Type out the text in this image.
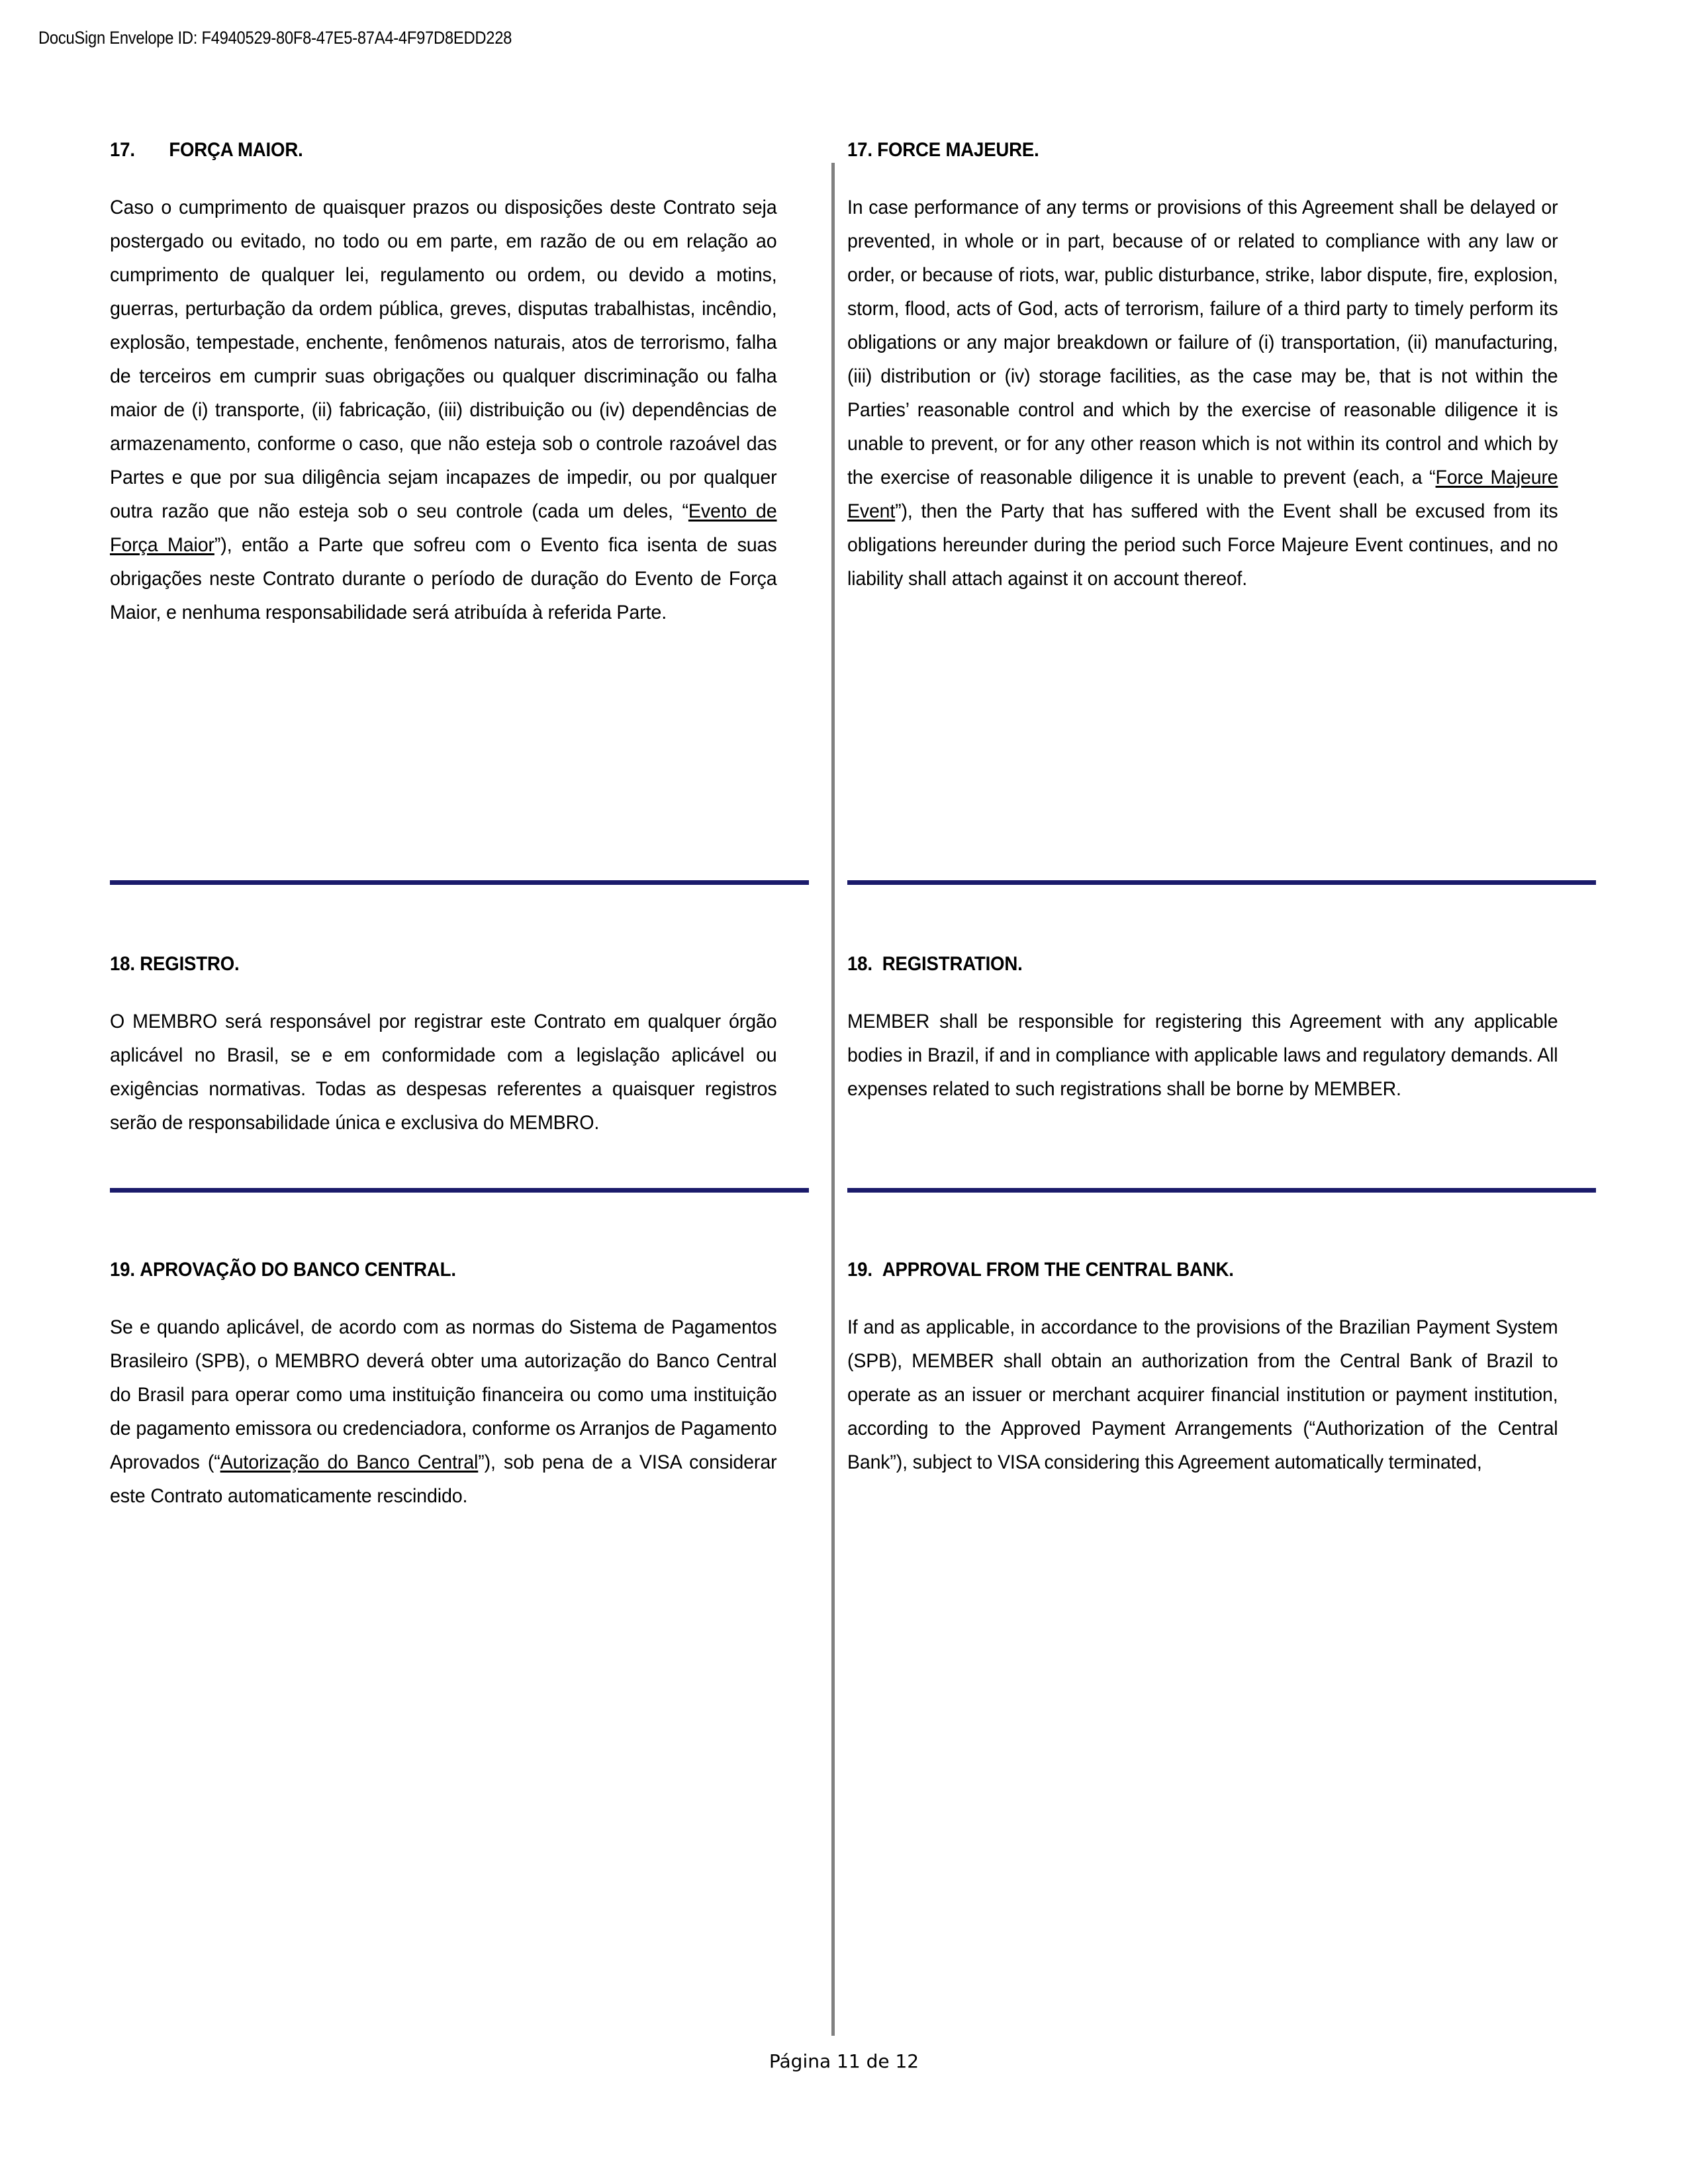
DocuSign Envelope ID: F4940529-80F8-47E5-87A4-4F97D8EDD228
17. FORÇA MAIOR.

Caso o cumprimento de quaisquer prazos ou disposições deste Contrato seja postergado ou evitado, no todo ou em parte, em razão de ou em relação ao cumprimento de qualquer lei, regulamento ou ordem, ou devido a motins, guerras, perturbação da ordem pública, greves, disputas trabalhistas, incêndio, explosão, tempestade, enchente, fenômenos naturais, atos de terrorismo, falha de terceiros em cumprir suas obrigações ou qualquer discriminação ou falha maior de (i) transporte, (ii) fabricação, (iii) distribuição ou (iv) dependências de armazenamento, conforme o caso, que não esteja sob o controle razoável das Partes e que por sua diligência sejam incapazes de impedir, ou por qualquer outra razão que não esteja sob o seu controle (cada um deles, “Evento de Força Maior”), então a Parte que sofreu com o Evento fica isenta de suas obrigações neste Contrato durante o período de duração do Evento de Força Maior, e nenhuma responsabilidade será atribuída à referida Parte.

17. FORCE MAJEURE.

In case performance of any terms or provisions of this Agreement shall be delayed or prevented, in whole or in part, because of or related to compliance with any law or order, or because of riots, war, public disturbance, strike, labor dispute, fire, explosion, storm, flood, acts of God, acts of terrorism, failure of a third party to timely perform its obligations or any major breakdown or failure of (i) transportation, (ii) manufacturing, (iii) distribution or (iv) storage facilities, as the case may be, that is not within the Parties’ reasonable control and which by the exercise of reasonable diligence it is unable to prevent, or for any other reason which is not within its control and which by the exercise of reasonable diligence it is unable to prevent (each, a “Force Majeure Event”), then the Party that has suffered with the Event shall be excused from its obligations hereunder during the period such Force Majeure Event continues, and no liability shall attach against it on account thereof.

18. REGISTRO.

O MEMBRO será responsável por registrar este Contrato em qualquer órgão aplicável no Brasil, se e em conformidade com a legislação aplicável ou exigências normativas. Todas as despesas referentes a quaisquer registros serão de responsabilidade única e exclusiva do MEMBRO.

18. REGISTRATION.

MEMBER shall be responsible for registering this Agreement with any applicable bodies in Brazil, if and in compliance with applicable laws and regulatory demands. All expenses related to such registrations shall be borne by MEMBER.

19. APROVAÇÃO DO BANCO CENTRAL.

Se e quando aplicável, de acordo com as normas do Sistema de Pagamentos Brasileiro (SPB), o MEMBRO deverá obter uma autorização do Banco Central do Brasil para operar como uma instituição financeira ou como uma instituição de pagamento emissora ou credenciadora, conforme os Arranjos de Pagamento Aprovados (“Autorização do Banco Central”), sob pena de a VISA considerar este Contrato automaticamente rescindido.

19. APPROVAL FROM THE CENTRAL BANK.

If and as applicable, in accordance to the provisions of the Brazilian Payment System (SPB), MEMBER shall obtain an authorization from the Central Bank of Brazil to operate as an issuer or merchant acquirer financial institution or payment institution, according to the Approved Payment Arrangements (“Authorization of the Central Bank”), subject to VISA considering this Agreement automatically terminated,

Página 11 de 12
